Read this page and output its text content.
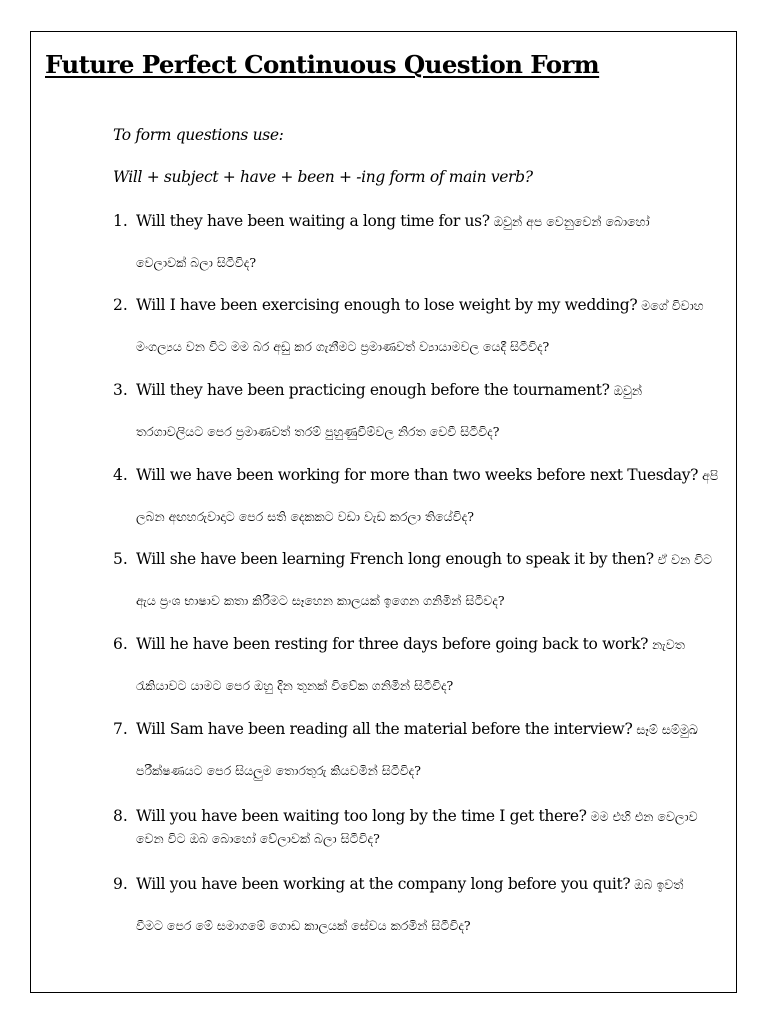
Future Perfect Continuous Question Form
To form questions use:
Will + subject + have + been + -ing form of main verb?
1. Will they have been waiting a long time for us? ඔවුන් අප වෙනුවෙන් බොහෝ
වෙලාවක් බලා සිටීවිද?
2. Will I have been exercising enough to lose weight by my wedding? මගේ විවාහ
මංගල්‍යය වන විට මම බර අඩු කර ගැනීමට ප්‍රමාණවත් ව්‍යායාමවල යෙදී සිටීවිද?
3. Will they have been practicing enough before the tournament? ඔවුන්
තරගාවලියට පෙර ප්‍රමාණවත් තරම් පුහුණුවීම්වල නිරත වෙවී සිටීවිද?
4. Will we have been working for more than two weeks before next Tuesday? අපි
ලබන අඟහරුවාදාට පෙර සති දෙකකට වඩා වැඩ කරලා තියේවිද?
5. Will she have been learning French long enough to speak it by then? ඒ වන විට
ඇය ප්‍රංශ භාෂාව කතා කිරීමට සෑහෙන කාලයක් ඉගෙන ගනිමින් සිටීවද?
6. Will he have been resting for three days before going back to work? නැවත
රැකියාවට යාමට පෙර ඔහු දින තුනක් විවේක ගනිමින් සිටීවිද?
7. Will Sam have been reading all the material before the interview? සෑම් සම්මුඛ
පරීක්ෂණයට පෙර සියලුම තොරතුරු කියවමින් සිටීවිද?
8. Will you have been waiting too long by the time I get there? මම එහි එන වෙලාව
වෙන විට ඔබ බොහෝ වේලාවක් බලා සිටීවිද?
9. Will you have been working at the company long before you quit? ඔබ ඉවත්
වීමට පෙර මේ සමාගමේ ගොඩ කාලයක් සේවය කරමින් සිටීවිද?
